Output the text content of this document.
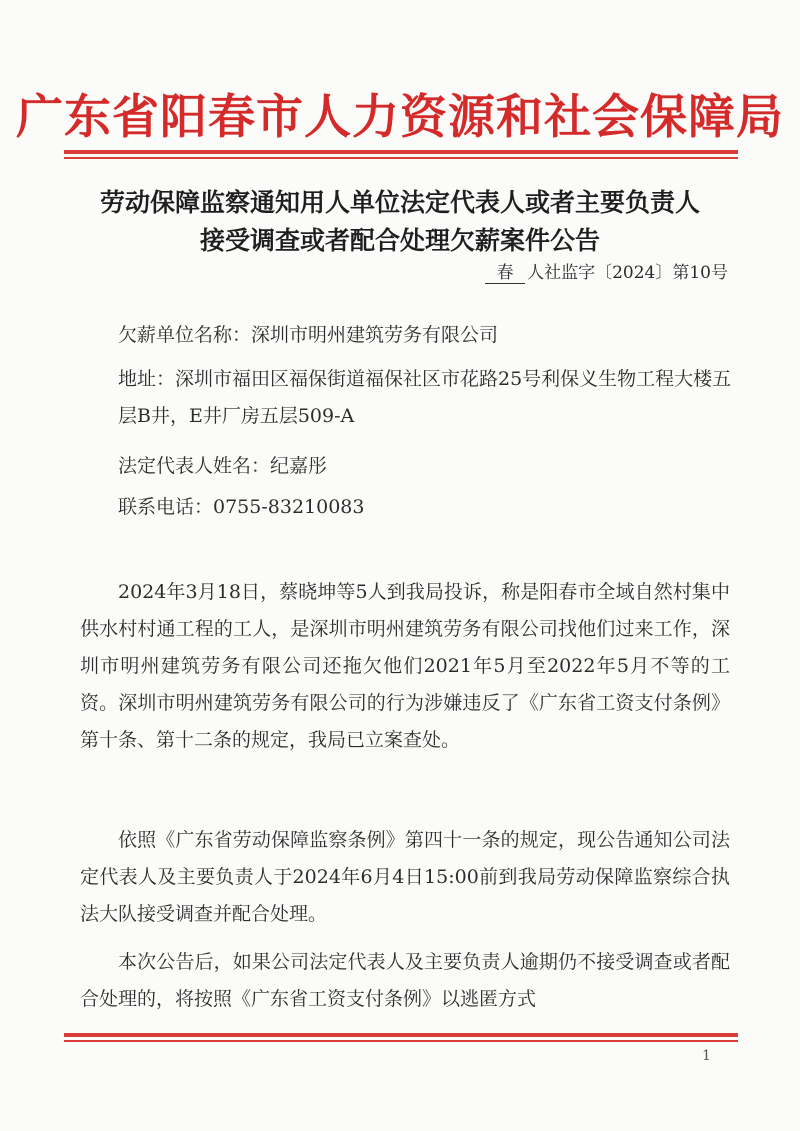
广东省阳春市人力资源和社会保障局
劳动保障监察通知用人单位法定代表人或者主要负责人
接受调查或者配合处理欠薪案件公告
春 人社监字〔2024〕第10号
欠薪单位名称：深圳市明州建筑劳务有限公司
地址：深圳市福田区福保街道福保社区市花路25号利保义生物工程大楼五层B井，E井厂房五层509-A
法定代表人姓名：纪嘉彤
联系电话：0755-83210083
2024年3月18日，蔡晓坤等5人到我局投诉，称是阳春市全域自然村集中供水村村通工程的工人，是深圳市明州建筑劳务有限公司找他们过来工作，深圳市明州建筑劳务有限公司还拖欠他们2021年5月至2022年5月不等的工资。深圳市明州建筑劳务有限公司的行为涉嫌违反了《广东省工资支付条例》第十条、第十二条的规定，我局已立案查处。
依照《广东省劳动保障监察条例》第四十一条的规定，现公告通知公司法定代表人及主要负责人于2024年6月4日15:00前到我局劳动保障监察综合执法大队接受调查并配合处理。
本次公告后，如果公司法定代表人及主要负责人逾期仍不接受调查或者配合处理的，将按照《广东省工资支付条例》以逃匿方式
1
